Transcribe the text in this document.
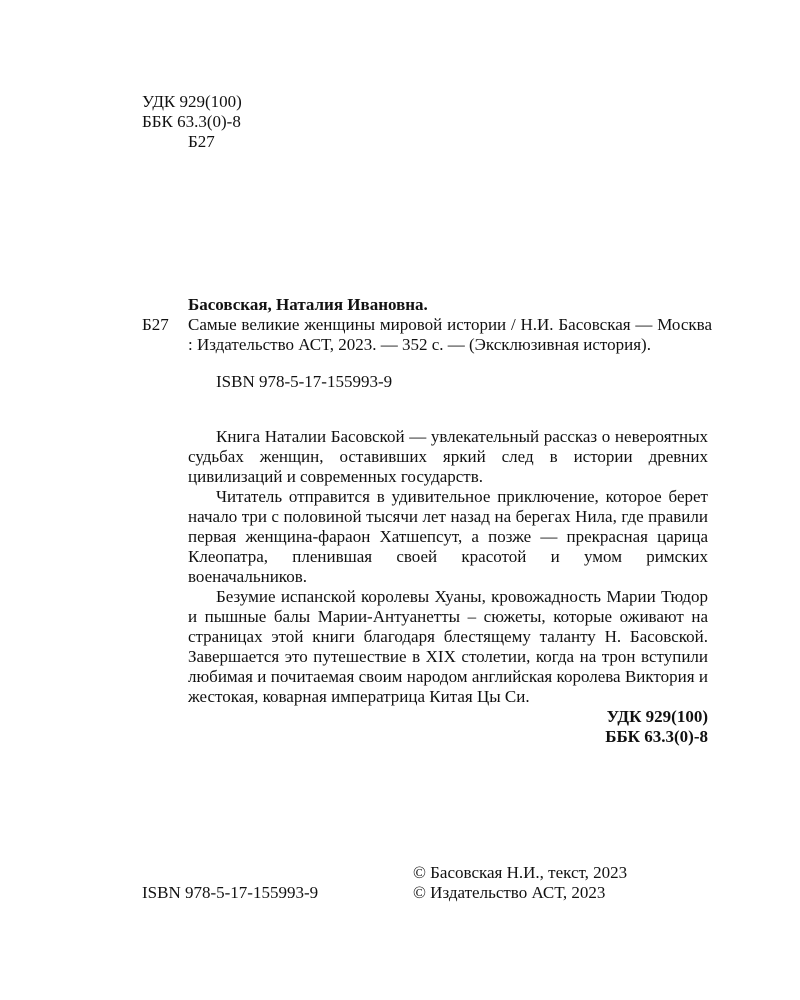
УДК 929(100)
ББК 63.3(0)-8
Б27
Басовская, Наталия Ивановна.
Б27	Самые великие женщины мировой истории / Н.И. Басовская — Москва : Издательство АСТ, 2023. — 352 с. — (Эксклюзивная история).
ISBN 978-5-17-155993-9

Книга Наталии Басовской — увлекательный рассказ о невероятных судьбах женщин, оставивших яркий след в истории древних цивилизаций и современных государств.

Читатель отправится в удивительное приключение, которое берет начало три с половиной тысячи лет назад на берегах Нила, где правили первая женщина-фараон Хатшепсут, а позже — прекрасная царица Клеопатра, пленившая своей красотой и умом римских военачальников.

Безумие испанской королевы Хуаны, кровожадность Марии Тюдор и пышные балы Марии-Антуанетты – сюжеты, которые оживают на страницах этой книги благодаря блестящему таланту Н. Басовской. Завершается это путешествие в XIX столетии, когда на трон вступили любимая и почитаемая своим народом английская королева Виктория и жестокая, коварная императрица Китая Цы Си.

УДК 929(100)
ББК 63.3(0)-8
ISBN 978-5-17-155993-9
© Басовская Н.И., текст, 2023
© Издательство АСТ, 2023
